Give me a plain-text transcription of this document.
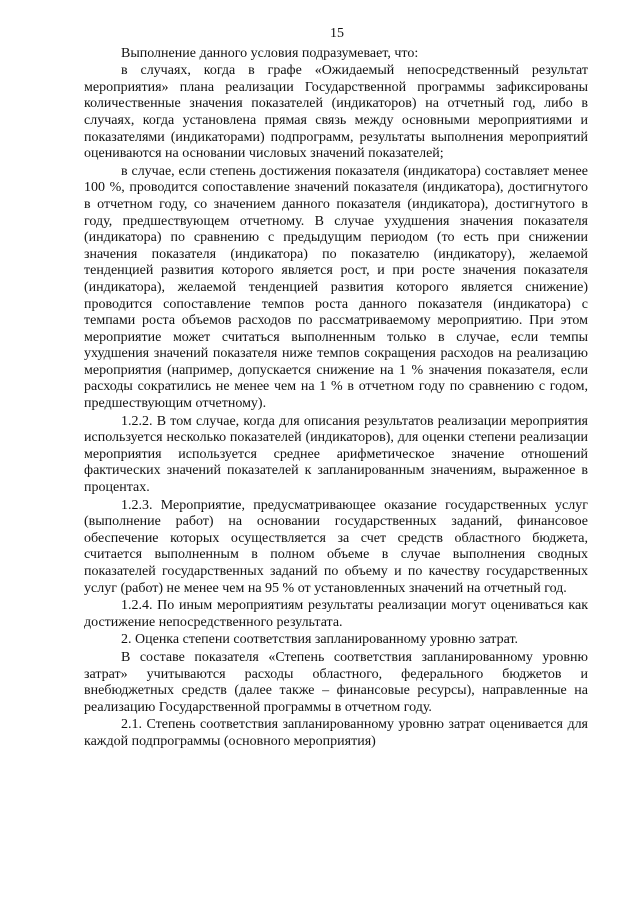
15

Выполнение данного условия подразумевает, что:

в случаях, когда в графе «Ожидаемый непосредственный результат мероприятия» плана реализации Государственной программы зафиксированы количественные значения показателей (индикаторов) на отчетный год, либо в случаях, когда установлена прямая связь между основными мероприятиями и показателями (индикаторами) подпрограмм, результаты выполнения мероприятий оцениваются на основании числовых значений показателей;

в случае, если степень достижения показателя (индикатора) составляет менее 100 %, проводится сопоставление значений показателя (индикатора), достигнутого в отчетном году, со значением данного показателя (индикатора), достигнутого в году, предшествующем отчетному. В случае ухудшения значения показателя (индикатора) по сравнению с предыдущим периодом (то есть при снижении значения показателя (индикатора) по показателю (индикатору), желаемой тенденцией развития которого является рост, и при росте значения показателя (индикатора), желаемой тенденцией развития которого является снижение) проводится сопоставление темпов роста данного показателя (индикатора) с темпами роста объемов расходов по рассматриваемому мероприятию. При этом мероприятие может считаться выполненным только в случае, если темпы ухудшения значений показателя ниже темпов сокращения расходов на реализацию мероприятия (например, допускается снижение на 1 % значения показателя, если расходы сократились не менее чем на 1 % в отчетном году по сравнению с годом, предшествующим отчетному).

1.2.2. В том случае, когда для описания результатов реализации мероприятия используется несколько показателей (индикаторов), для оценки степени реализации мероприятия используется среднее арифметическое значение отношений фактических значений показателей к запланированным значениям, выраженное в процентах.

1.2.3. Мероприятие, предусматривающее оказание государственных услуг (выполнение работ) на основании государственных заданий, финансовое обеспечение которых осуществляется за счет средств областного бюджета, считается выполненным в полном объеме в случае выполнения сводных показателей государственных заданий по объему и по качеству государственных услуг (работ) не менее чем на 95 % от установленных значений на отчетный год.

1.2.4. По иным мероприятиям результаты реализации могут оцениваться как достижение непосредственного результата.

2. Оценка степени соответствия запланированному уровню затрат.

В составе показателя «Степень соответствия запланированному уровню затрат» учитываются расходы областного, федерального бюджетов и внебюджетных средств (далее также – финансовые ресурсы), направленные на реализацию Государственной программы в отчетном году.

2.1. Степень соответствия запланированному уровню затрат оценивается для каждой подпрограммы (основного мероприятия)
